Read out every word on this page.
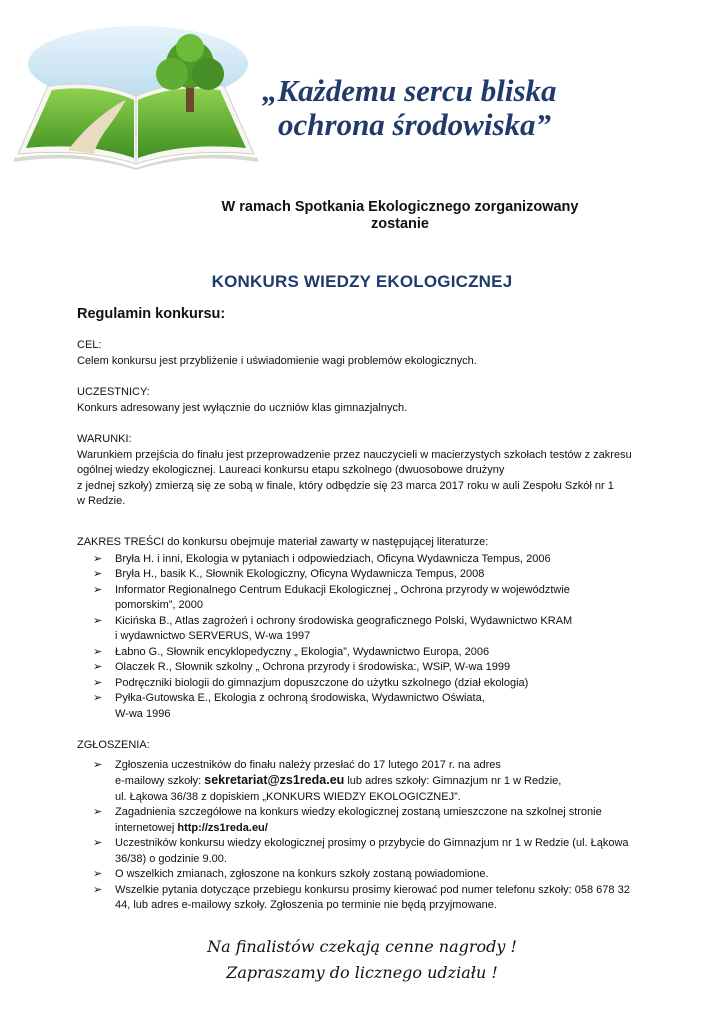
„Każdemu sercu bliska
ochrona środowiska”
W ramach Spotkania Ekologicznego zorganizowany
zostanie
KONKURS WIEDZY EKOLOGICZNEJ
Regulamin konkursu:

CEL:

Celem konkursu jest przybliżenie i uświadomienie wagi problemów ekologicznych.

UCZESTNICY:

Konkurs adresowany jest wyłącznie do uczniów klas gimnazjalnych.

WARUNKI:

Warunkiem przejścia do finału jest przeprowadzenie przez nauczycieli w macierzystych szkołach testów z zakresu

ogólnej wiedzy ekologicznej. Laureaci konkursu etapu szkolnego (dwuosobowe drużyny

z jednej szkoły) zmierzą się ze sobą w finale, który odbędzie się 23 marca 2017 roku w auli Zespołu Szkół nr 1

w Redzie.

ZAKRES TREŚCI do konkursu obejmuje materiał zawarty w następującej literaturze:

➢ Bryła H. i inni, Ekologia w pytaniach i odpowiedziach, Oficyna Wydawnicza Tempus, 2006
➢ Bryła H., basik K., Słownik Ekologiczny, Oficyna Wydawnicza Tempus, 2008
➢ Informator Regionalnego Centrum Edukacji Ekologicznej „ Ochrona przyrody w województwie
pomorskim”, 2000
➢ Kicińska B., Atlas zagrożeń i ochrony środowiska geograficznego Polski, Wydawnictwo KRAM
i wydawnictwo SERVERUS, W-wa 1997
➢ Łabno G., Słownik encyklopedyczny „ Ekologia”, Wydawnictwo Europa, 2006
➢ Olaczek R., Słownik szkolny „ Ochrona przyrody i środowiska:, WSiP, W-wa 1999
➢ Podręczniki biologii do gimnazjum dopuszczone do użytku szkolnego (dział ekologia)
➢ Pyłka-Gutowska E., Ekologia z ochroną środowiska, Wydawnictwo Oświata,
W-wa 1996

ZGŁOSZENIA:

➢ Zgłoszenia uczestników do finału należy przesłać do 17 lutego 2017 r. na adres
e-mailowy szkoły: sekretariat@zs1reda.eu lub adres szkoły: Gimnazjum nr 1 w Redzie,
ul. Łąkowa 36/38 z dopiskiem „KONKURS WIEDZY EKOLOGICZNEJ”.
➢ Zagadnienia szczegółowe na konkurs wiedzy ekologicznej zostaną umieszczone na szkolnej stronie
internetowej http://zs1reda.eu/
➢ Uczestników konkursu wiedzy ekologicznej prosimy o przybycie do Gimnazjum nr 1 w Redzie (ul. Łąkowa
36/38) o godzinie 9.00.
➢ O wszelkich zmianach, zgłoszone na konkurs szkoły zostaną powiadomione.
➢ Wszelkie pytania dotyczące przebiegu konkursu prosimy kierować pod numer telefonu szkoły: 058 678 32
44, lub adres e-mailowy szkoły. Zgłoszenia po terminie nie będą przyjmowane.
Na finalistów czekają cenne nagrody !
Zapraszamy do licznego udziału !
